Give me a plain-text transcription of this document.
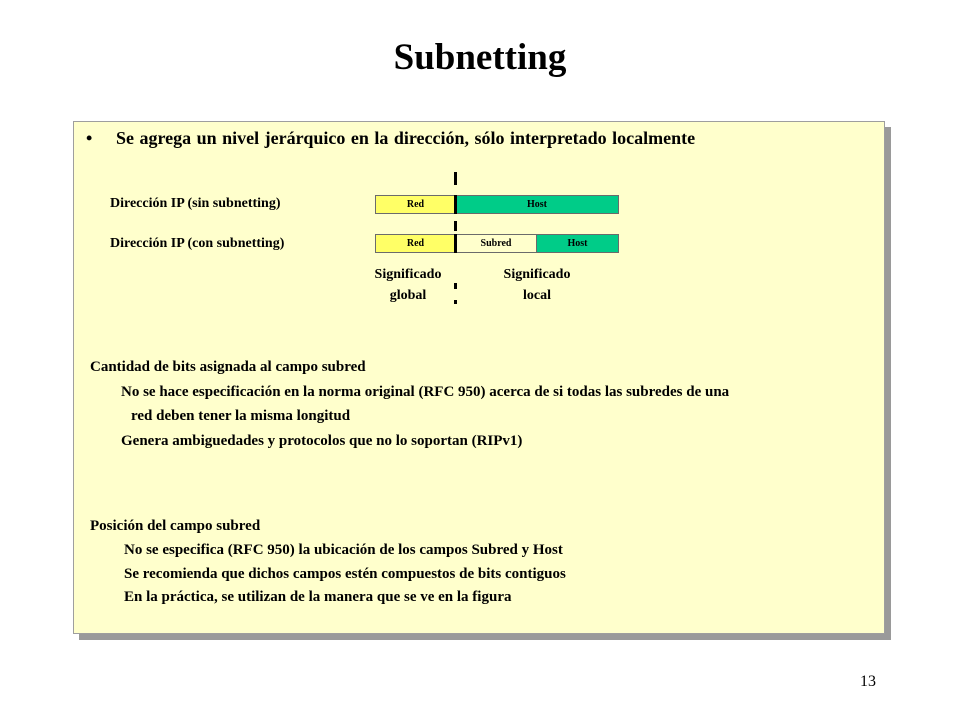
Subnetting
• Se agrega un nivel jerárquico en la dirección, sólo interpretado localmente
Dirección IP (sin subnetting)	Red	Host
Dirección IP (con subnetting)	Red	Subred	Host
Significado
global
Significado
local
Cantidad de bits asignada al campo subred
No se hace especificación en la norma original (RFC 950) acerca de si todas las subredes de una
red deben tener la misma longitud
Genera ambiguedades y protocolos que no lo soportan (RIPv1)
Posición del campo subred
No se especifica (RFC 950) la ubicación de los campos Subred y Host
Se recomienda que dichos campos estén compuestos de bits contiguos
En la práctica, se utilizan de la manera que se ve en la figura
13
